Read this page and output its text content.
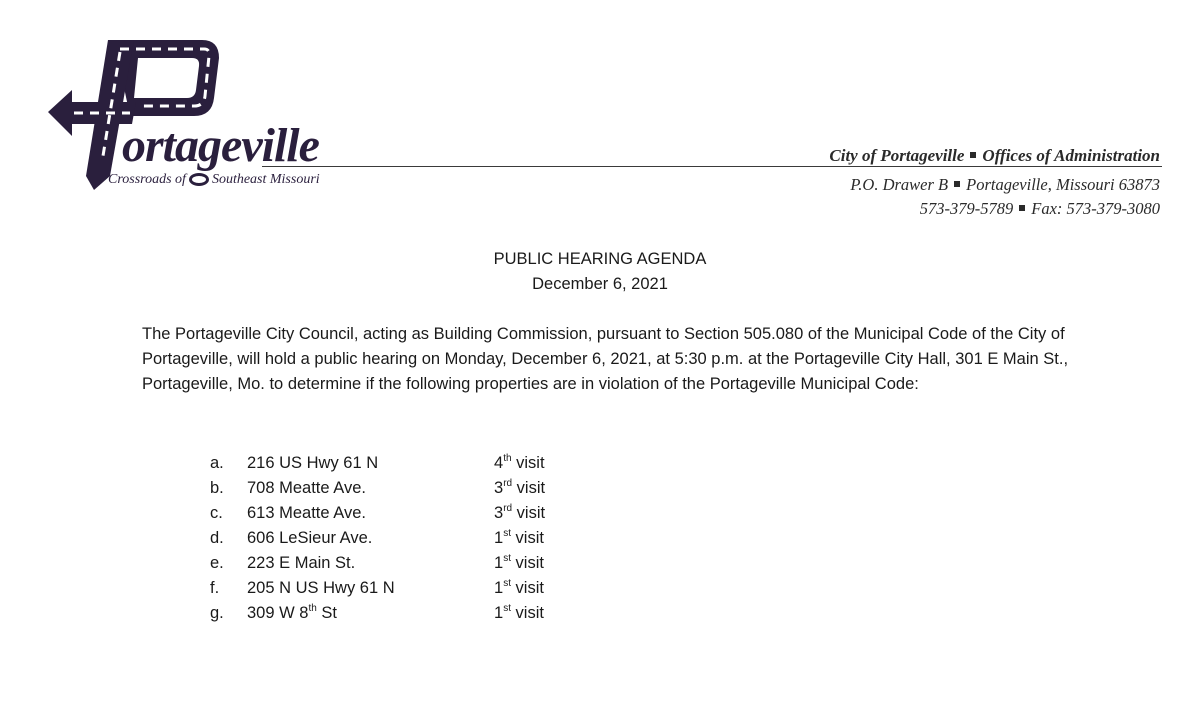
ortageville
Crossroads of Southeast Missouri
City of Portageville Offices of Administration
P.O. Drawer B Portageville, Missouri 63873
573-379-5789 Fax: 573-379-3080
PUBLIC HEARING AGENDA
December 6, 2021
The Portageville City Council, acting as Building Commission, pursuant to Section 505.080 of the Municipal Code of the City of Portageville, will hold a public hearing on Monday, December 6, 2021, at 5:30 p.m. at the Portageville City Hall, 301 E Main St., Portageville, Mo. to determine if the following properties are in violation of the Portageville Municipal Code:
a. 216 US Hwy 61 N	4th visit
b. 708 Meatte Ave.	3rd visit
c. 613 Meatte Ave.	3rd visit
d. 606 LeSieur Ave.	1st visit
e. 223 E Main St.	1st visit
f. 205 N US Hwy 61 N	1st visit
g. 309 W 8th St	1st visit
